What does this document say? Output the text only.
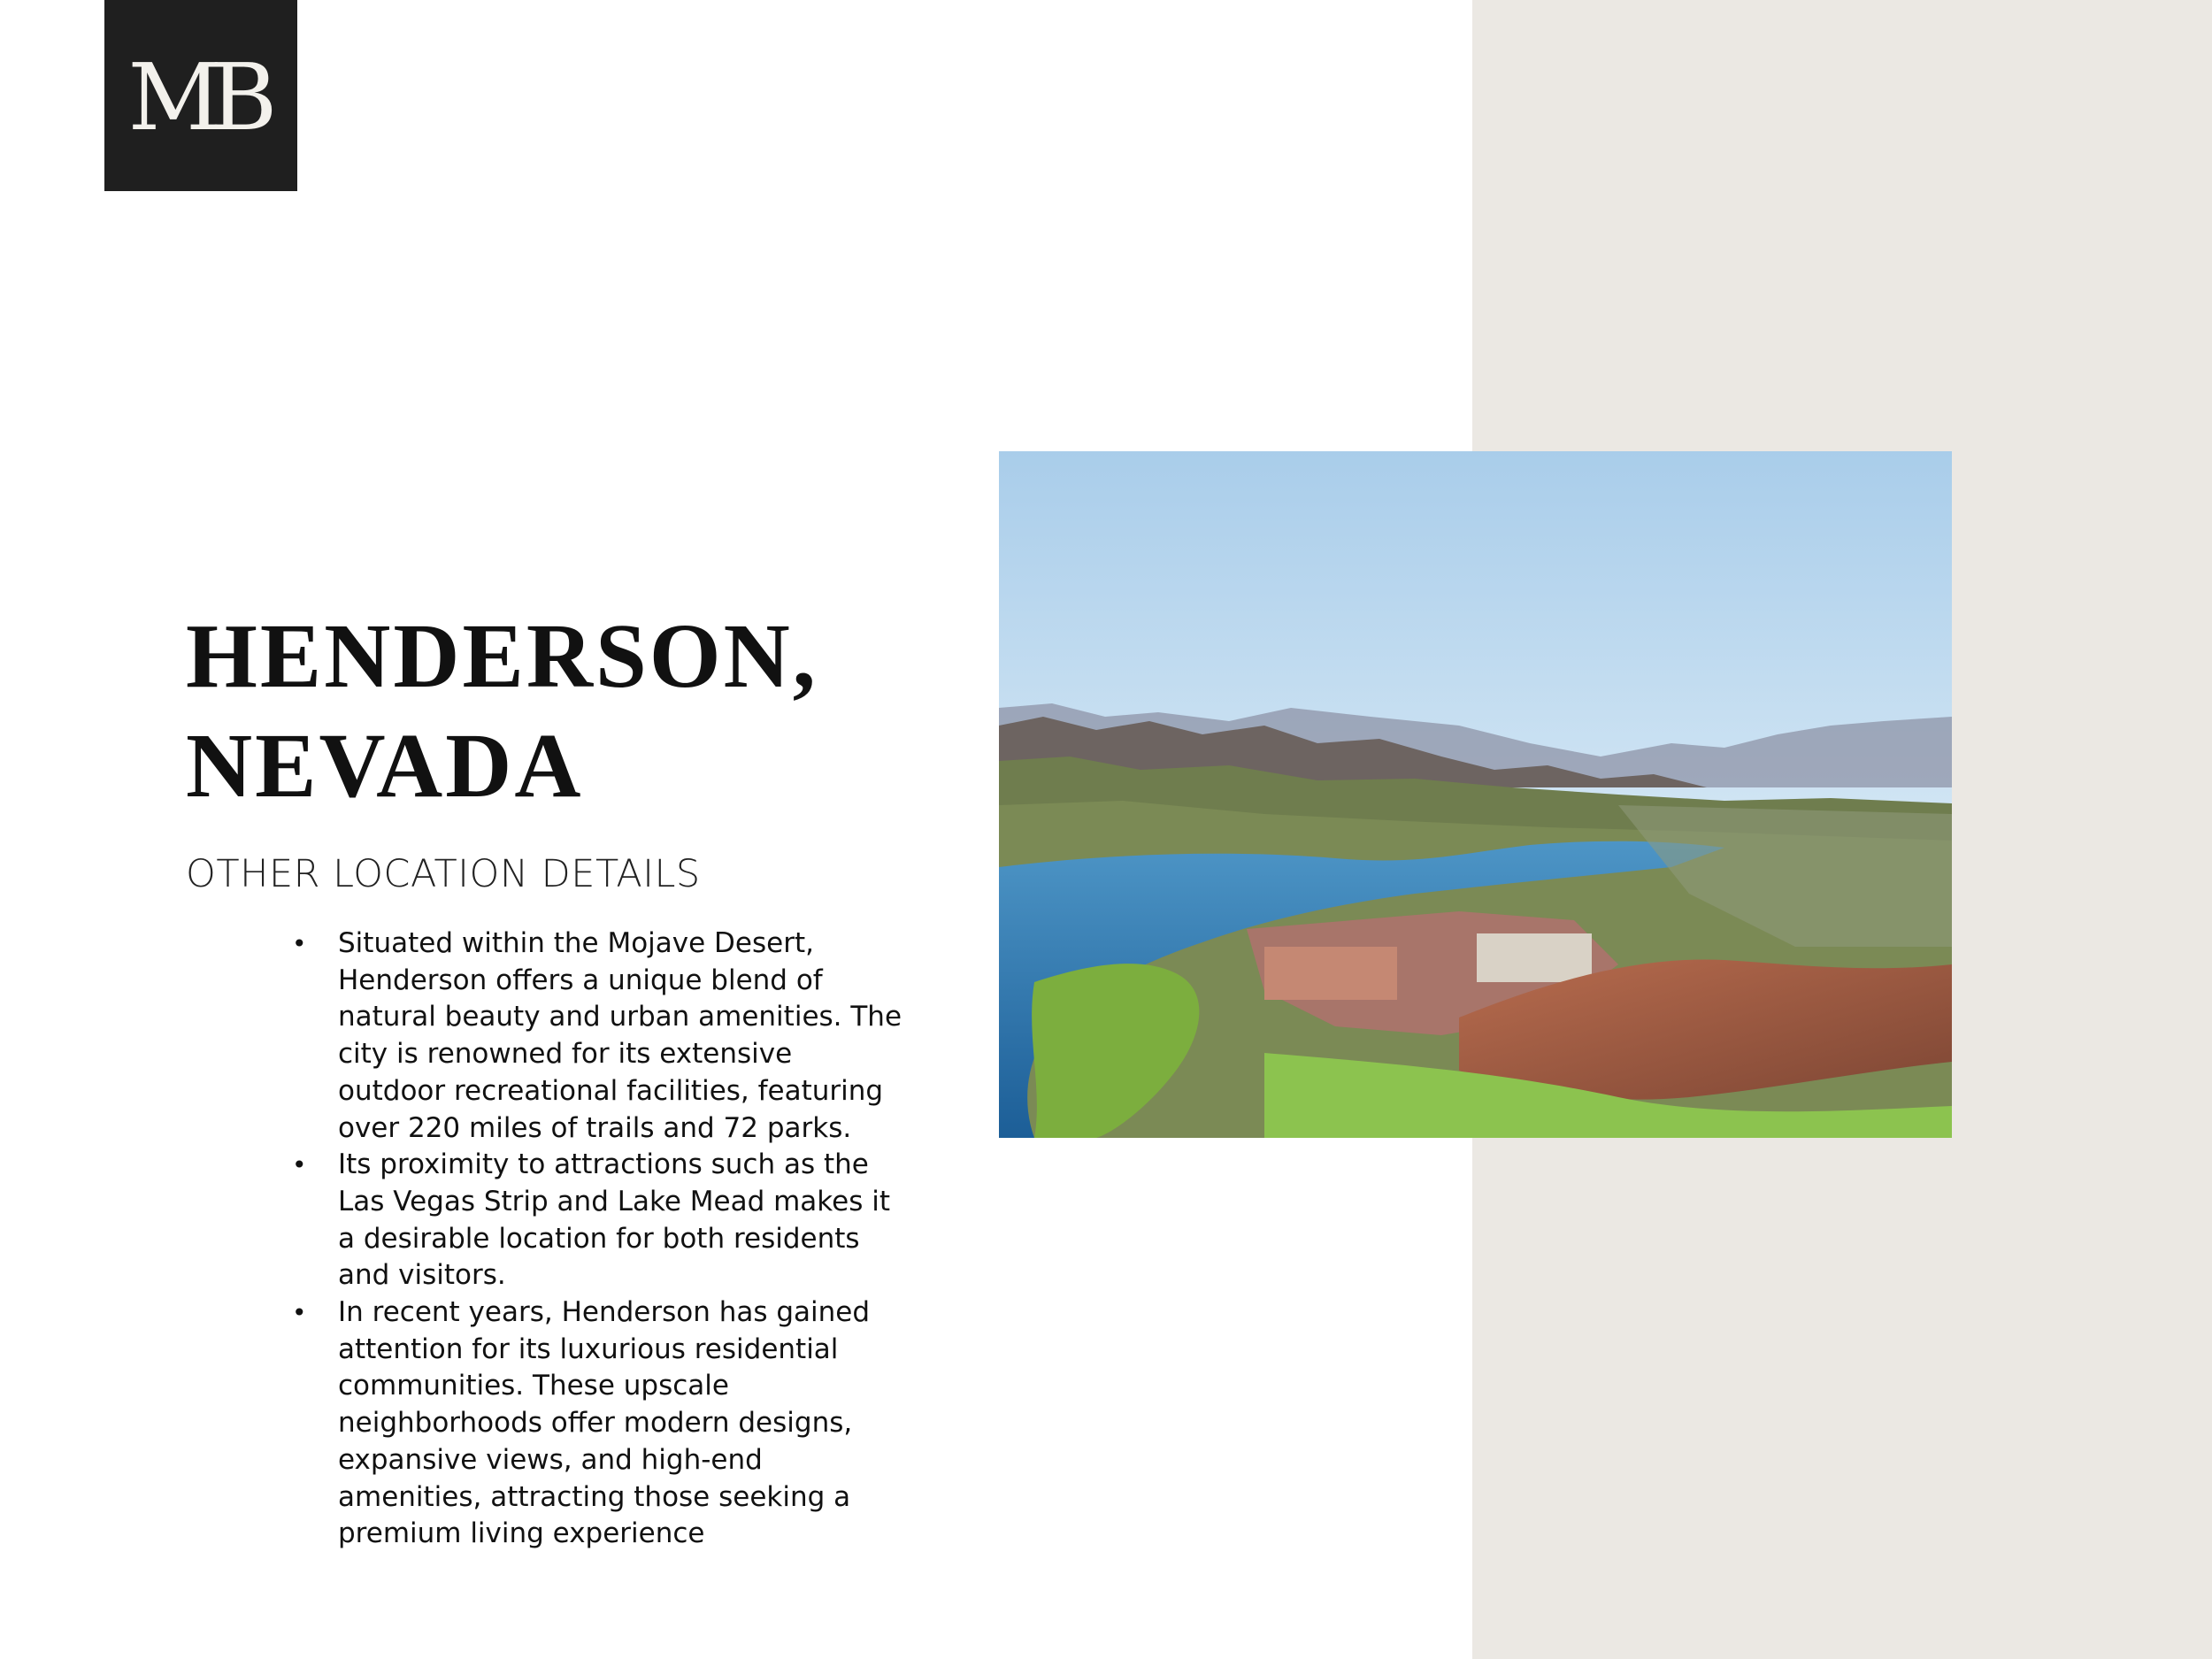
MB
HENDERSON,
NEVADA
OTHER LOCATION DETAILS
• Situated within the Mojave Desert, Henderson offers a unique blend of natural beauty and urban amenities. The city is renowned for its extensive outdoor recreational facilities, featuring over 220 miles of trails and 72 parks.
• Its proximity to attractions such as the Las Vegas Strip and Lake Mead makes it a desirable location for both residents and visitors.
• In recent years, Henderson has gained attention for its luxurious residential communities. These upscale neighborhoods offer modern designs, expansive views, and high-end amenities, attracting those seeking a premium living experience
